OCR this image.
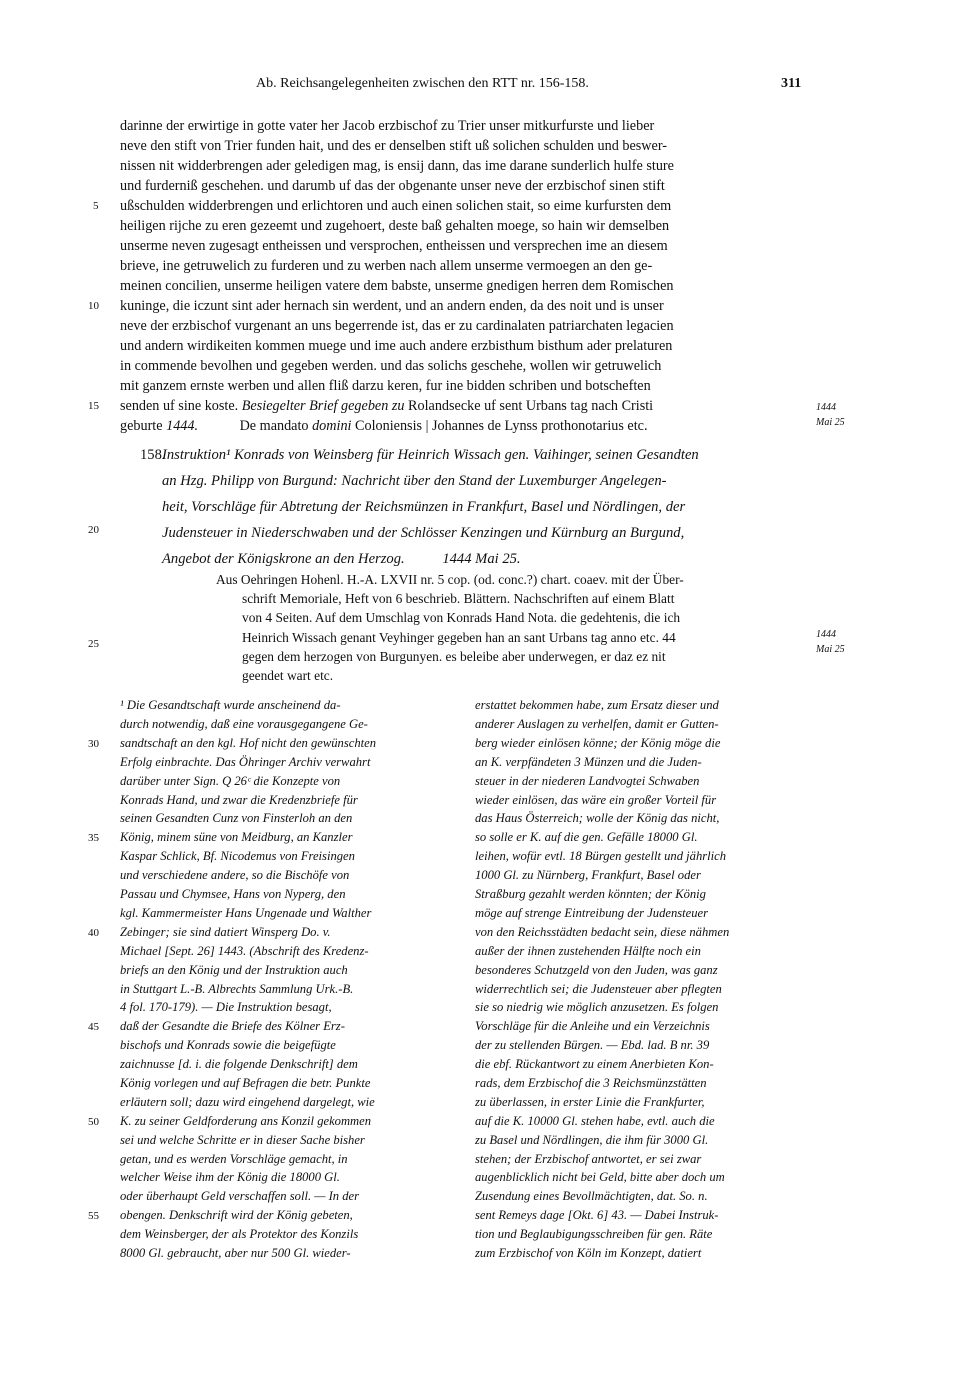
Ab. Reichsangelegenheiten zwischen den RTT nr. 156-158.	311
darinne der erwirtige in gotte vater her Jacob erzbischof zu Trier unser mitkurfurste und lieber
neve den stift von Trier funden hait, und des er denselben stift uß solichen schulden und beswer-
nissen nit widderbrengen ader geledigen mag, is ensij dann, das ime darane sunderlich hulfe sture
und furderniß geschehen. und darumb uf das der obgenante unser neve der erzbischof sinen stift
ußschulden widderbrengen und erlichtoren und auch einen solichen stait, so eime kurfursten dem
heiligen rijche zu eren gezeemt und zugehoert, deste baß gehalten moege, so hain wir demselben
unserme neven zugesagt entheissen und versprochen, entheissen und versprechen ime an diesem
brieve, ine getruwelich zu furderen und zu werben nach allem unserme vermoegen an den ge-
meinen concilien, unserme heiligen vatere dem babste, unserme gnedigen herren dem Romischen
kuninge, die iczunt sint ader hernach sin werdent, und an andern enden, da des noit und is unser
neve der erzbischof vurgenant an uns begerrende ist, das er zu cardinalaten patriarchaten legacien
und andern wirdikeiten kommen muege und ime auch andere erzbisthum bisthum ader prelaturen
in commende bevolhen und gegeben werden. und das solichs geschehe, wollen wir getruwelich
mit ganzem ernste werben und allen fliß darzu keren, fur ine bidden schriben und botscheften
senden uf sine koste. Besiegelter Brief gegeben zu Rolandsecke uf sent Urbans tag nach Cristi
geburte 1444.	De mandato domini Coloniensis | Johannes de Lynss prothonotarius etc.
5
10
15	1444
Mai 25
158.
Instruktion¹ Konrads von Weinsberg für Heinrich Wissach gen. Vaihinger, seinen Gesandten
an Hzg. Philipp von Burgund: Nachricht über den Stand der Luxemburger Angelegen-
heit, Vorschläge für Abtretung der Reichsmünzen in Frankfurt, Basel und Nördlingen, der
Judensteuer in Niederschwaben und der Schlösser Kenzingen und Kürnburg an Burgund,
Angebot der Königskrone an den Herzog.	1444 Mai 25.
20
25
Aus Oehringen Hohenl. H.-A. LXVII nr. 5 cop. (od. conc.?) chart. coaev. mit der Über-
schrift Memoriale, Heft von 6 beschrieb. Blättern. Nachschriften auf einem Blatt
von 4 Seiten. Auf dem Umschlag von Konrads Hand Nota. die gedehtenis, die ich
Heinrich Wissach genant Veyhinger gegeben han an sant Urbans tag anno etc. 44
gegen dem herzogen von Burgunyen. es beleibe aber underwegen, er daz ez nit
geendet wart etc.
1444
Mai 25
¹ Die Gesandtschaft wurde anscheinend da-
durch notwendig, daß eine vorausgegangene Ge-
sandtschaft an den kgl. Hof nicht den gewünschten
Erfolg einbrachte. Das Öhringer Archiv verwahrt
darüber unter Sign. Q 26ᶜ die Konzepte von
Konrads Hand, und zwar die Kredenzbriefe für
seinen Gesandten Cunz von Finsterloh an den
König, minem süne von Meidburg, an Kanzler
Kaspar Schlick, Bf. Nicodemus von Freisingen
und verschiedene andere, so die Bischöfe von
Passau und Chymsee, Hans von Nyperg, den
kgl. Kammermeister Hans Ungenade und Walther
Zebinger; sie sind datiert Winsperg Do. v.
Michael [Sept. 26] 1443. (Abschrift des Kredenz-
briefs an den König und der Instruktion auch
in Stuttgart L.-B. Albrechts Sammlung Urk.-B.
4 fol. 170-179). — Die Instruktion besagt,
daß der Gesandte die Briefe des Kölner Erz-
bischofs und Konrads sowie die beigefügte
zaichnusse [d. i. die folgende Denkschrift] dem
König vorlegen und auf Befragen die betr. Punkte
erläutern soll; dazu wird eingehend dargelegt, wie
K. zu seiner Geldforderung ans Konzil gekommen
sei und welche Schritte er in dieser Sache bisher
getan, und es werden Vorschläge gemacht, in
welcher Weise ihm der König die 18000 Gl.
oder überhaupt Geld verschaffen soll. — In der
obengen. Denkschrift wird der König gebeten,
dem Weinsberger, der als Protektor des Konzils
8000 Gl. gebraucht, aber nur 500 Gl. wieder-
30
35
40
45
50
55
erstattet bekommen habe, zum Ersatz dieser und
anderer Auslagen zu verhelfen, damit er Gutten-
berg wieder einlösen könne; der König möge die
an K. verpfändeten 3 Münzen und die Juden-
steuer in der niederen Landvogtei Schwaben
wieder einlösen, das wäre ein großer Vorteil für
das Haus Österreich; wolle der König das nicht,
so solle er K. auf die gen. Gefälle 18000 Gl.
leihen, wofür evtl. 18 Bürgen gestellt und jährlich
1000 Gl. zu Nürnberg, Frankfurt, Basel oder
Straßburg gezahlt werden könnten; der König
möge auf strenge Eintreibung der Judensteuer
von den Reichsstädten bedacht sein, diese nähmen
außer der ihnen zustehenden Hälfte noch ein
besonderes Schutzgeld von den Juden, was ganz
widerrechtlich sei; die Judensteuer aber pflegten
sie so niedrig wie möglich anzusetzen. Es folgen
Vorschläge für die Anleihe und ein Verzeichnis
der zu stellenden Bürgen. — Ebd. lad. B nr. 39
die ebf. Rückantwort zu einem Anerbieten Kon-
rads, dem Erzbischof die 3 Reichsmünzstätten
zu überlassen, in erster Linie die Frankfurter,
auf die K. 10000 Gl. stehen habe, evtl. auch die
zu Basel und Nördlingen, die ihm für 3000 Gl.
stehen; der Erzbischof antwortet, er sei zwar
augenblicklich nicht bei Geld, bitte aber doch um
Zusendung eines Bevollmächtigten, dat. So. n.
sent Remeys dage [Okt. 6] 43. — Dabei Instruk-
tion und Beglaubigungsschreiben für gen. Räte
zum Erzbischof von Köln im Konzept, datiert
